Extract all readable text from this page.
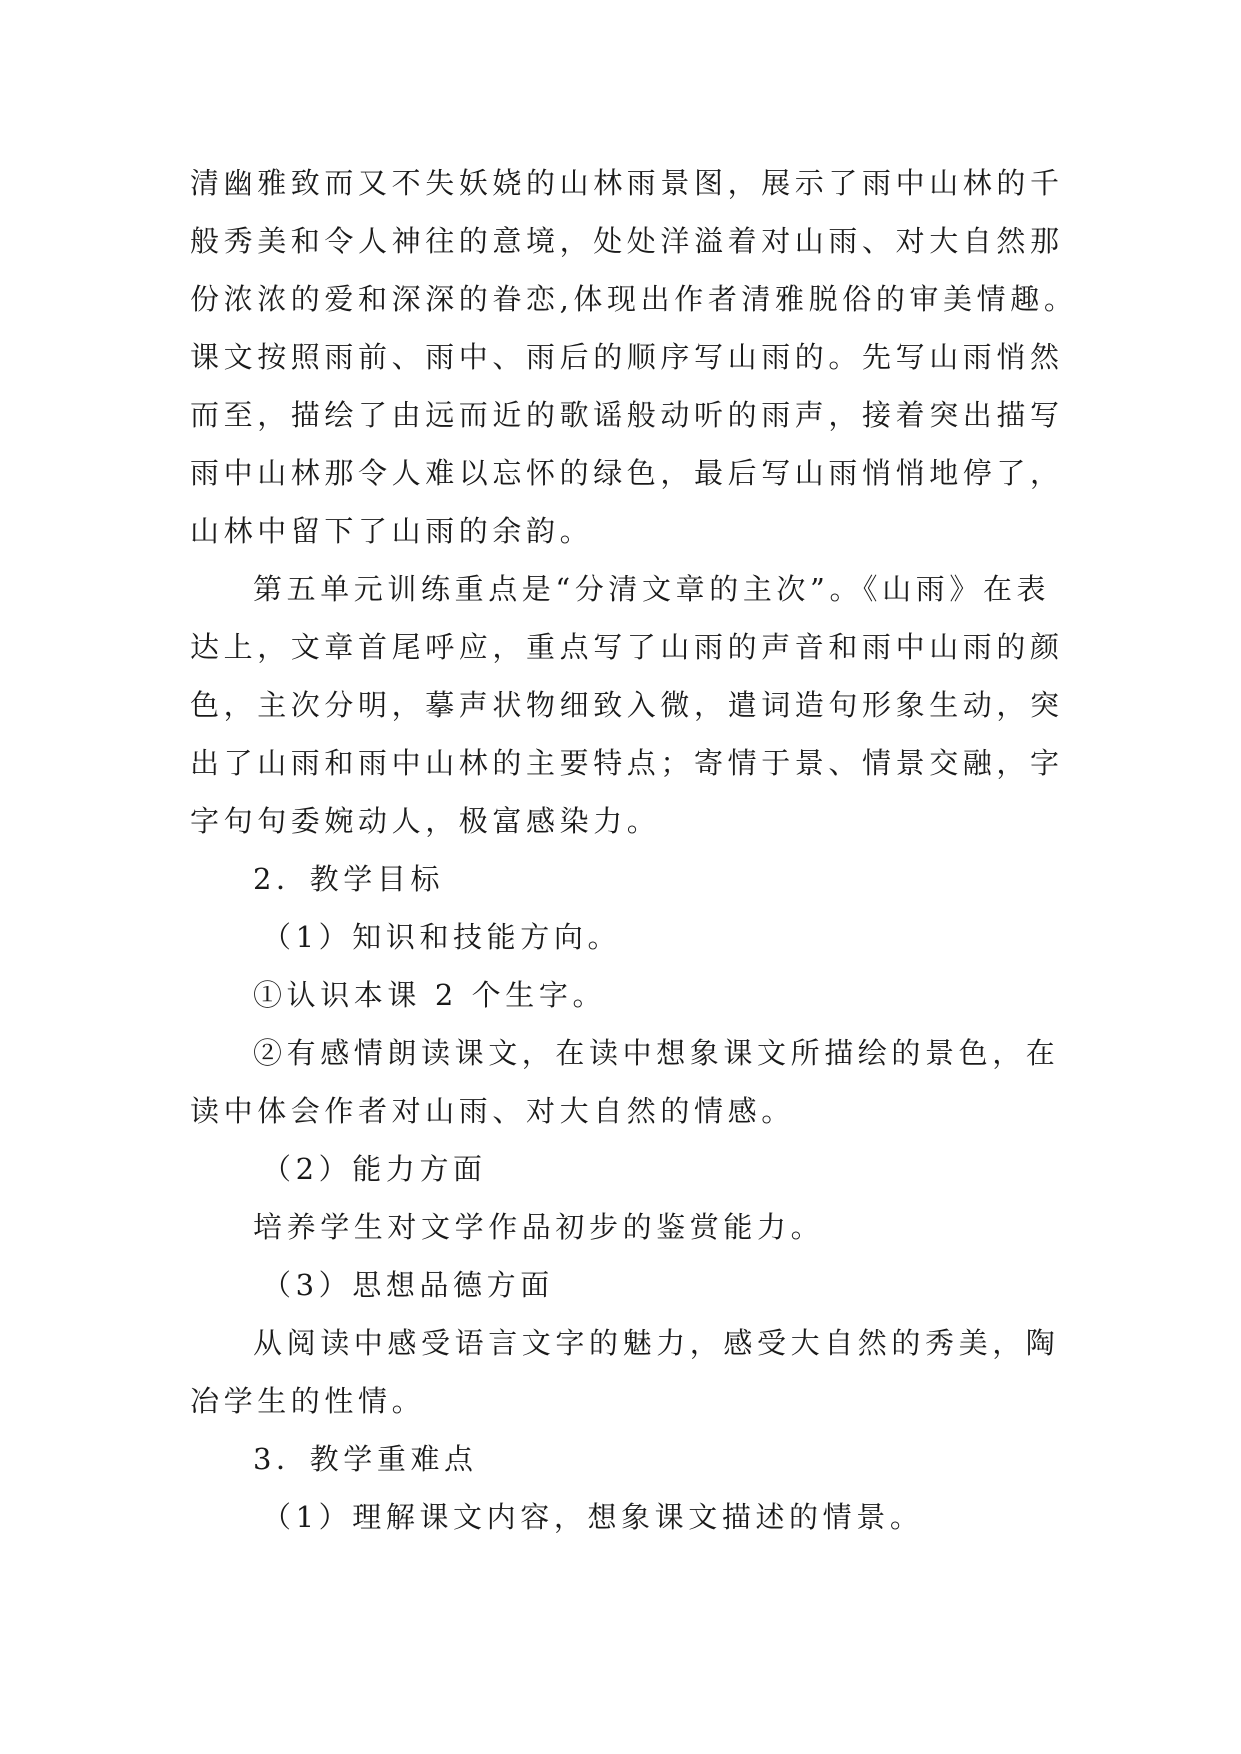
清幽雅致而又不失妖娆的山林雨景图，展示了雨中山林的千
般秀美和令人神往的意境，处处洋溢着对山雨、对大自然那
份浓浓的爱和深深的眷恋,体现出作者清雅脱俗的审美情趣。
课文按照雨前、雨中、雨后的顺序写山雨的。先写山雨悄然
而至，描绘了由远而近的歌谣般动听的雨声，接着突出描写
雨中山林那令人难以忘怀的绿色，最后写山雨悄悄地停了，
山林中留下了山雨的余韵。
第五单元训练重点是“分清文章的主次”。《山雨》在表
达上，文章首尾呼应，重点写了山雨的声音和雨中山雨的颜
色，主次分明，摹声状物细致入微，遣词造句形象生动，突
出了山雨和雨中山林的主要特点；寄情于景、情景交融，字
字句句委婉动人，极富感染力。
2．教学目标
（1）知识和技能方向。
①认识本课 2 个生字。
②有感情朗读课文，在读中想象课文所描绘的景色，在
读中体会作者对山雨、对大自然的情感。
（2）能力方面
培养学生对文学作品初步的鉴赏能力。
（3）思想品德方面
从阅读中感受语言文字的魅力，感受大自然的秀美，陶
冶学生的性情。
3．教学重难点
（1）理解课文内容，想象课文描述的情景。
